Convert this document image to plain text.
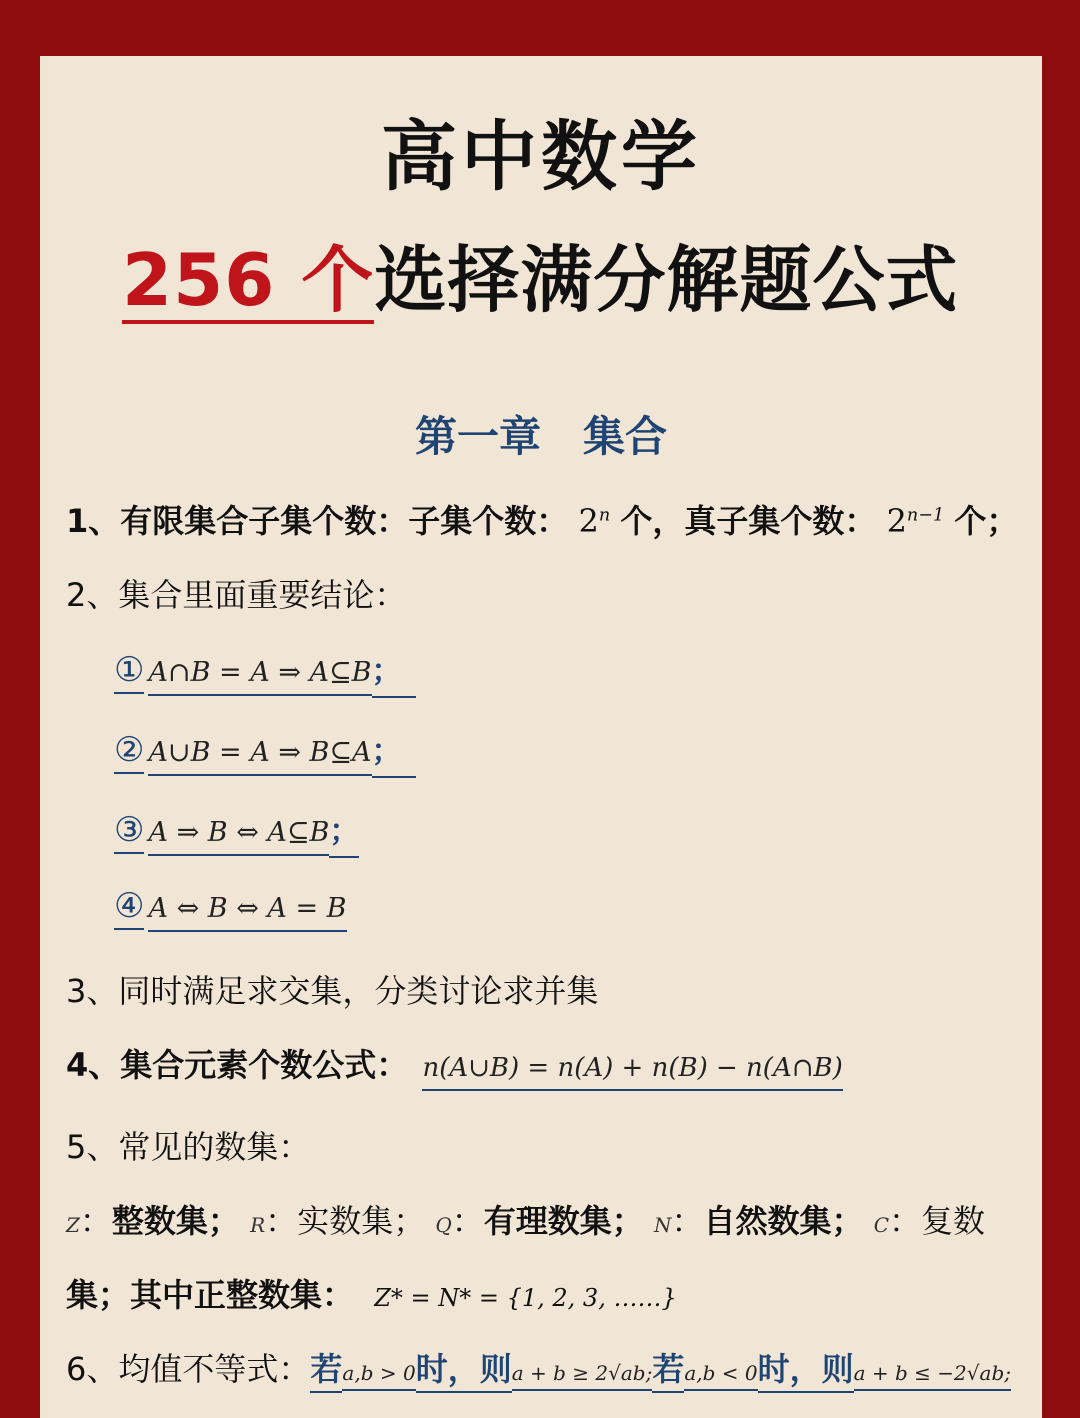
高中数学
256 个选择满分解题公式
第一章　集合
1、有限集合子集个数：子集个数： 2$^n$ 个，真子集个数： $2^{n-1}$ 个；
2、集合里面重要结论：
① A∩B = A ⇒ A⊆B；
② A∪B = A ⇒ B⊆A；
③ A ⇒ B ⇔ A⊆B；
④ A ⇔ B ⇔ A = B
3、同时满足求交集，分类讨论求并集
4、集合元素个数公式： n(A∪B) = n(A) + n(B) − n(A∩B)
5、常见的数集：
Z：整数集； R：实数集； Q：有理数集； N：自然数集； C：复数
集；其中正整数集： Z* = N* = {1, 2, 3, ……}
6、均值不等式：若a,b > 0时，则a + b ≥ 2√ab;若a,b < 0时，则a + b ≤ −2√ab;
